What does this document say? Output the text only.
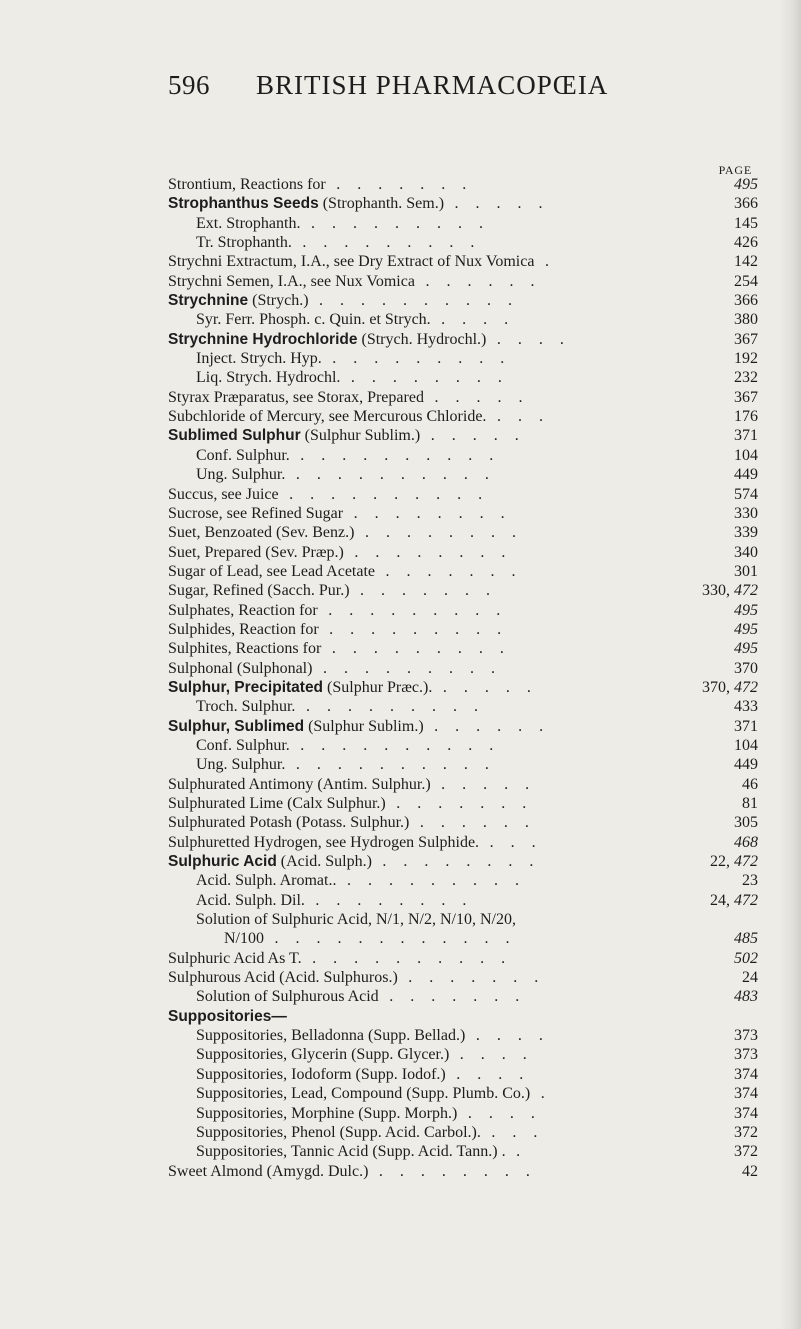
596 BRITISH PHARMACOPŒIA
PAGE
Strontium, Reactions for . . . . . . .	495
Strophanthus Seeds (Strophanth. Sem.) . . . . .	366
Ext. Strophanth. . . . . . . . . .	145
Tr. Strophanth. . . . . . . . . .	426
Strychni Extractum, I.A., see Dry Extract of Nux Vomica .	142
Strychni Semen, I.A., see Nux Vomica . . . . . .	254
Strychnine (Strych.) . . . . . . . . . .	366
Syr. Ferr. Phosph. c. Quin. et Strych. . . . .	380
Strychnine Hydrochloride (Strych. Hydrochl.) . . . .	367
Inject. Strych. Hyp. . . . . . . . . .	192
Liq. Strych. Hydrochl. . . . . . . . .	232
Styrax Præparatus, see Storax, Prepared . . . . .	367
Subchloride of Mercury, see Mercurous Chloride. . . .	176
Sublimed Sulphur (Sulphur Sublim.) . . . . .	371
Conf. Sulphur. . . . . . . . . . .	104
Ung. Sulphur. . . . . . . . . . .	449
Succus, see Juice . . . . . . . . . .	574
Sucrose, see Refined Sugar . . . . . . . .	330
Suet, Benzoated (Sev. Benz.) . . . . . . . .	339
Suet, Prepared (Sev. Præp.) . . . . . . . .	340
Sugar of Lead, see Lead Acetate . . . . . . .	301
Sugar, Refined (Sacch. Pur.) . . . . . . .	330, 472
Sulphates, Reaction for . . . . . . . . .	495
Sulphides, Reaction for . . . . . . . . .	495
Sulphites, Reactions for . . . . . . . . .	495
Sulphonal (Sulphonal) . . . . . . . . .	370
Sulphur, Precipitated (Sulphur Præc.). . . . . .	370, 472
Troch. Sulphur. . . . . . . . . .	433
Sulphur, Sublimed (Sulphur Sublim.) . . . . . .	371
Conf. Sulphur. . . . . . . . . . .	104
Ung. Sulphur. . . . . . . . . . .	449
Sulphurated Antimony (Antim. Sulphur.) . . . . .	46
Sulphurated Lime (Calx Sulphur.) . . . . . . .	81
Sulphurated Potash (Potass. Sulphur.) . . . . . .	305
Sulphuretted Hydrogen, see Hydrogen Sulphide. . . .	468
Sulphuric Acid (Acid. Sulph.) . . . . . . . .	22, 472
Acid. Sulph. Aromat.. . . . . . . . . .	23
Acid. Sulph. Dil. . . . . . . . .	24, 472
Solution of Sulphuric Acid, N/1, N/2, N/10, N/20,
N/100 . . . . . . . . . . . .	485
Sulphuric Acid As T. . . . . . . . . . .	502
Sulphurous Acid (Acid. Sulphuros.) . . . . . . .	24
Solution of Sulphurous Acid . . . . . . .	483
Suppositories—
Suppositories, Belladonna (Supp. Bellad.) . . . .	373
Suppositories, Glycerin (Supp. Glycer.) . . . .	373
Suppositories, Iodoform (Supp. Iodof.) . . . .	374
Suppositories, Lead, Compound (Supp. Plumb. Co.) .	374
Suppositories, Morphine (Supp. Morph.) . . . .	374
Suppositories, Phenol (Supp. Acid. Carbol.). . . .	372
Suppositories, Tannic Acid (Supp. Acid. Tann.) . .	372
Sweet Almond (Amygd. Dulc.) . . . . . . . .	42
